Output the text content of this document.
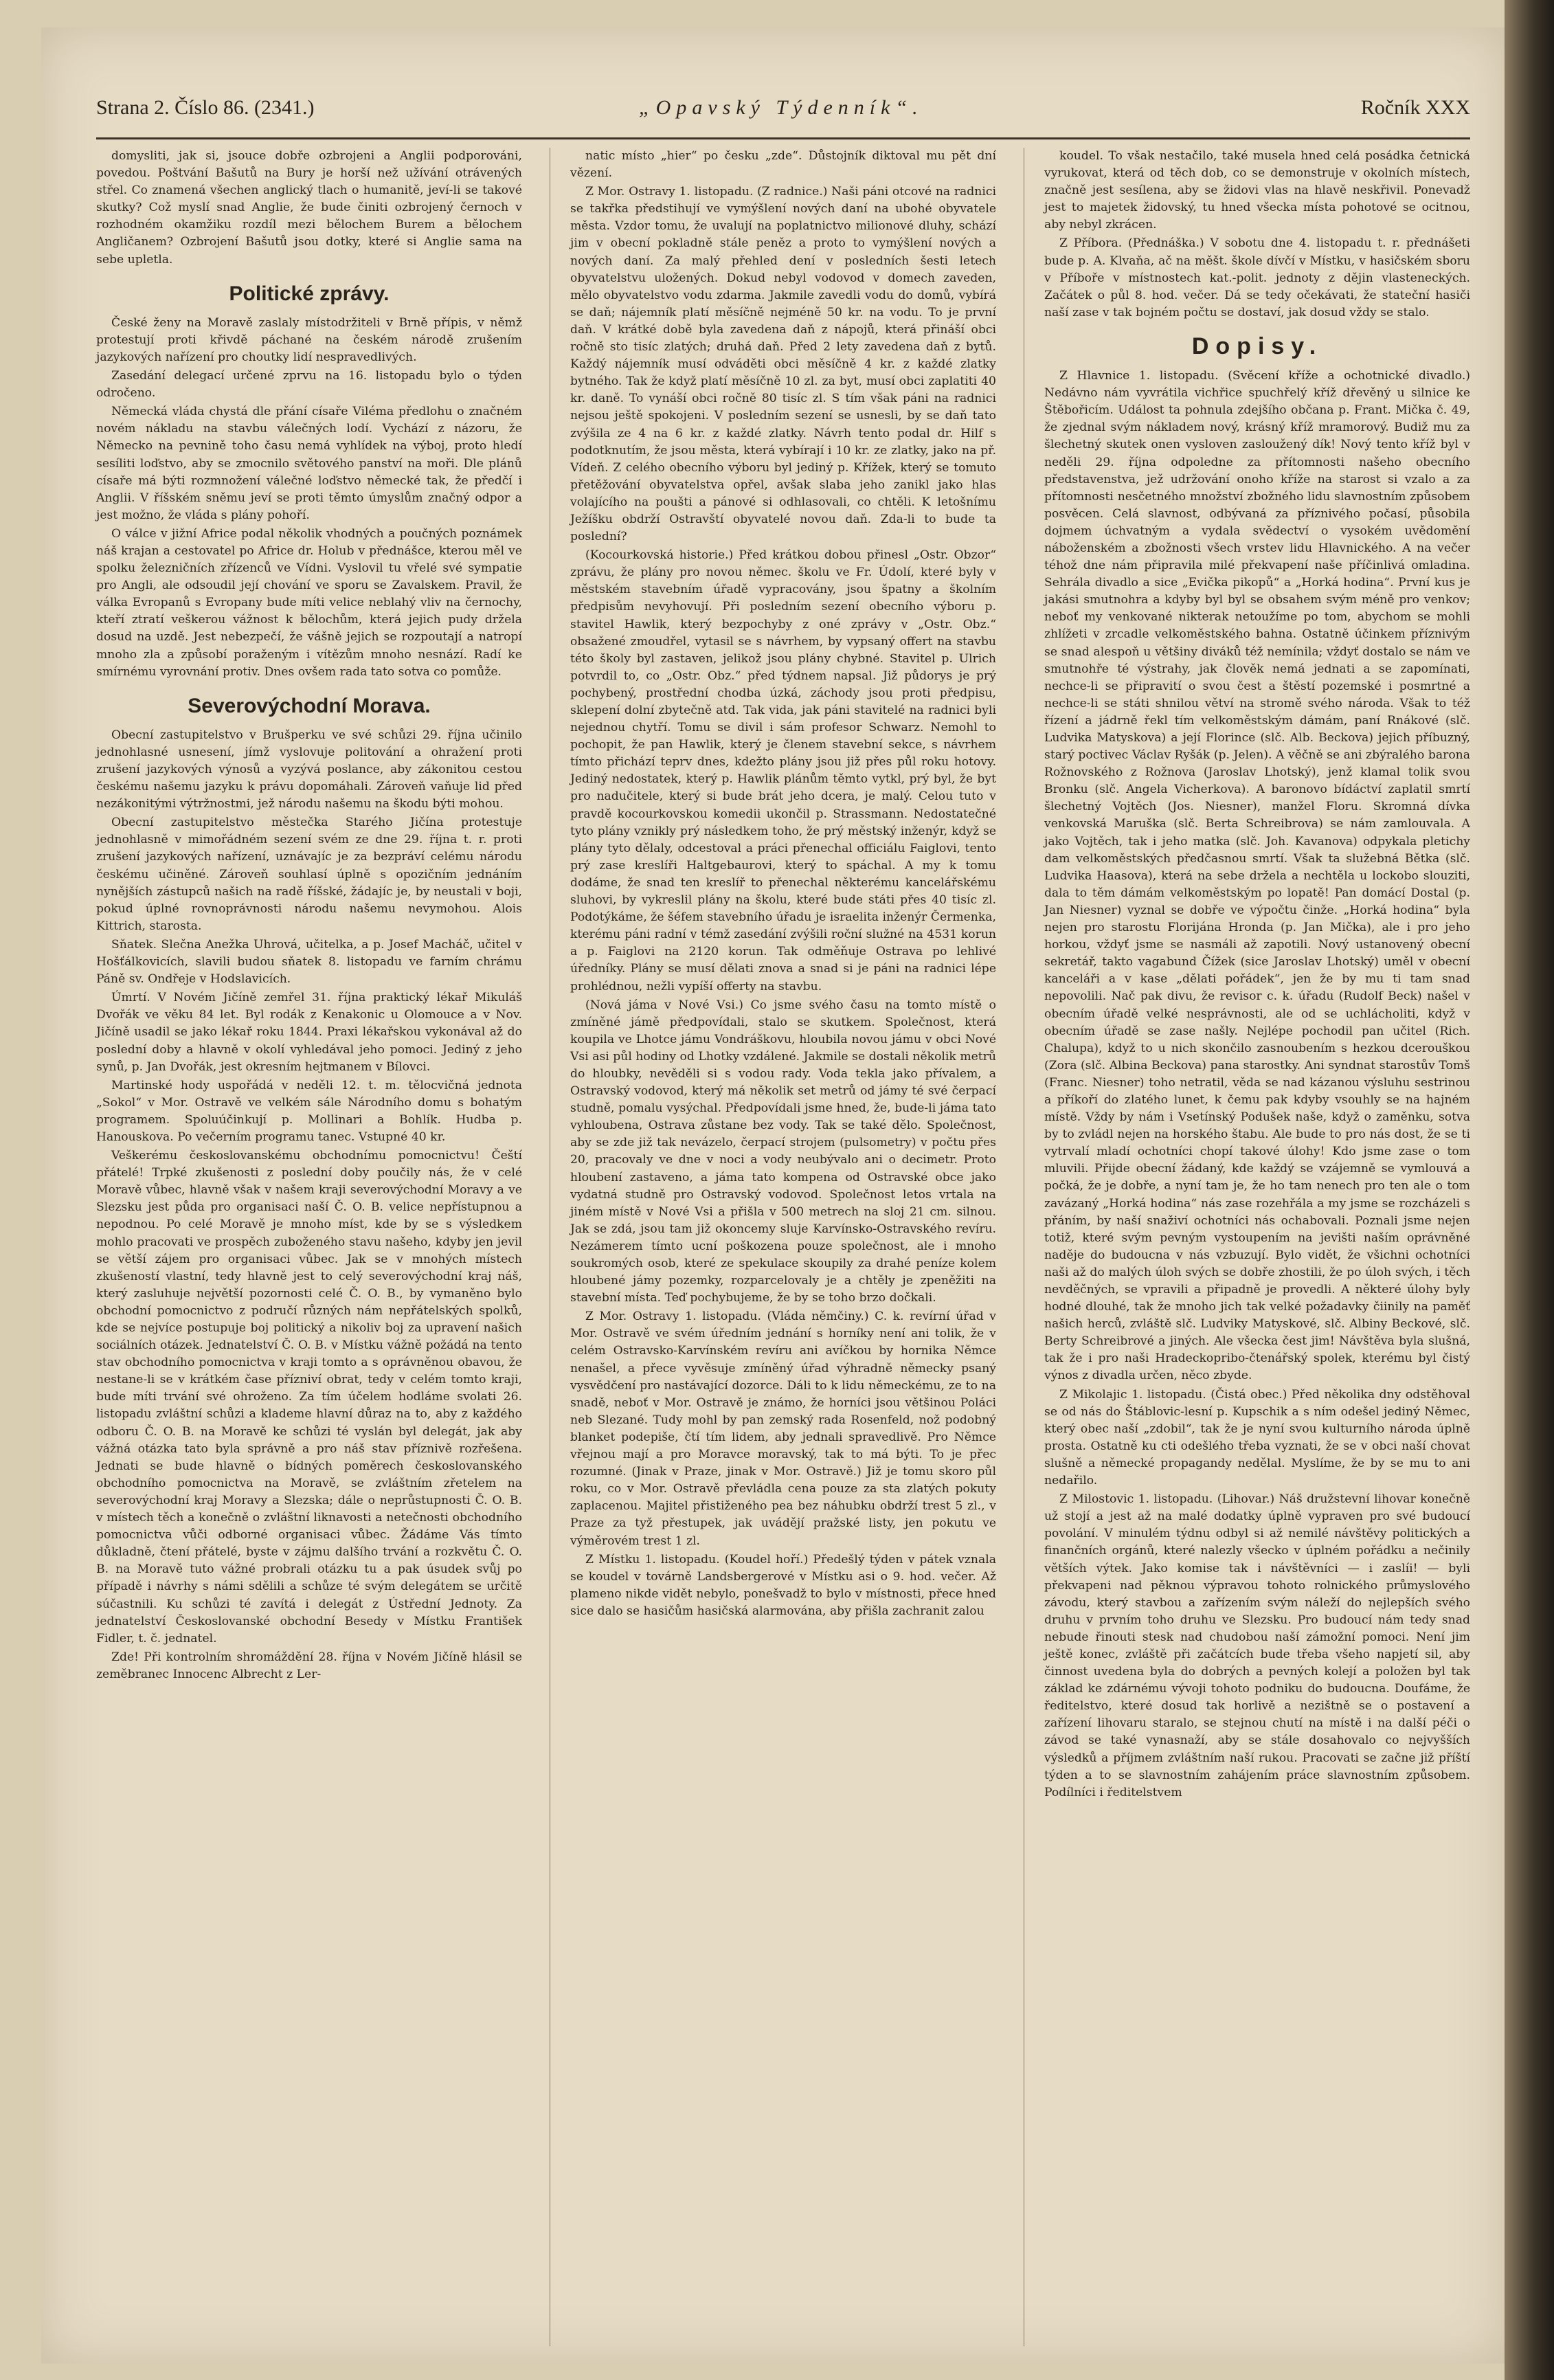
Strana 2. Číslo 86. (2341.)	„Opavský Týdenník“.	Ročník XXX

domysliti, jak si, jsouce dobře ozbrojeni a Anglii podporováni, povedou. Poštvání Bašutů na Bury je horší než užívání otrávených střel. Co znamená všechen anglický tlach o humanitě, jeví-li se takové skutky? Což myslí snad Anglie, že bude činiti ozbrojený černoch v rozhodném okamžiku rozdíl mezi bělochem Burem a bělochem Angličanem? Ozbrojení Bašutů jsou dotky, které si Anglie sama na sebe upletla.

Politické zprávy.

České ženy na Moravě zaslaly místodržiteli v Brně přípis, v němž protestují proti křivdě páchané na českém národě zrušením jazykových nařízení pro choutky lidí nespravedlivých.

Zasedání delegací určené zprvu na 16. listopadu bylo o týden odročeno.

Německá vláda chystá dle přání císaře Viléma předlohu o značném novém nákladu na stavbu válečných lodí. Vychází z názoru, že Německo na pevnině toho času nemá vyhlídek na výboj, proto hledí sesíliti loďstvo, aby se zmocnilo světového panství na moři. Dle plánů císaře má býti rozmnožení válečné loďstvo německé tak, že předčí i Anglii. V říšském sněmu jeví se proti těmto úmyslům značný odpor a jest možno, že vláda s plány pohoří.

O válce v jižní Africe podal několik vhodných a poučných poznámek náš krajan a cestovatel po Africe dr. Holub v přednášce, kterou měl ve spolku železničních zřízenců ve Vídni. Vyslovil tu vřelé své sympatie pro Angli, ale odsoudil její chování ve sporu se Zavalskem. Pravil, že válka Evropanů s Evropany bude míti velice neblahý vliv na černochy, kteří ztratí veškerou vážnost k bělochům, která jejich pudy držela dosud na uzdě. Jest nebezpečí, že vášně jejich se rozpoutají a natropí mnoho zla a způsobí poraženým i vítězům mnoho nesnází. Radí ke smírnému vyrovnání protiv. Dnes ovšem rada tato sotva co pomůže.

Severovýchodní Morava.

Obecní zastupitelstvo v Brušperku ve své schůzi 29. října učinilo jednohlasné usnesení, jímž vyslovuje politování a ohražení proti zrušení jazykových výnosů a vyzývá poslance, aby zákonitou cestou českému našemu jazyku k právu dopomáhali. Zároveň vaňuje lid před nezákonitými výtržnostmi, jež národu našemu na škodu býti mohou.

Obecní zastupitelstvo městečka Starého Jičína protestuje jednohlasně v mimořádném sezení svém ze dne 29. října t. r. proti zrušení jazykových nařízení, uznávajíc je za bezpráví celému národu českému učiněné. Zároveň souhlasí úplně s opozičním jednáním nynějších zástupců našich na radě říšské, žádajíc je, by neustali v boji, pokud úplné rovnoprávnosti národu našemu nevymohou. Alois Kittrich, starosta.

Sňatek. Slečna Anežka Uhrová, učitelka, a p. Josef Macháč, učitel v Hošťálkovicích, slavili budou sňatek 8. listopadu ve farním chrámu Páně sv. Ondřeje v Hodslavicích.

Úmrtí. V Novém Jičíně zemřel 31. října praktický lékař Mikuláš Dvořák ve věku 84 let. Byl rodák z Kenakonic u Olomouce a v Nov. Jičíně usadil se jako lékař roku 1844. Praxi lékařskou vykonával až do poslední doby a hlavně v okolí vyhledával jeho pomoci. Jediný z jeho synů, p. Jan Dvořák, jest okresním hejtmanem v Bílovci.

Martinské hody uspořádá v neděli 12. t. m. tělocvičná jednota „Sokol“ v Mor. Ostravě ve velkém sále Národního domu s bohatým programem. Spoluúčinkují p. Mollinari a Bohlík. Hudba p. Hanouskova. Po večerním programu tanec. Vstupné 40 kr.

Veškerému českoslovanskému obchodnímu pomocnictvu! Čeští přátelé! Trpké zkušenosti z poslední doby poučily nás, že v celé Moravě vůbec, hlavně však v našem kraji severovýchodní Moravy a ve Slezsku jest půda pro organisaci naší Č. O. B. velice nepřístupnou a nepodnou. Po celé Moravě je mnoho míst, kde by se s výsledkem mohlo pracovati ve prospěch zuboženého stavu našeho, kdyby jen jevil se větší zájem pro organisaci vůbec. Jak se v mnohých místech zkušeností vlastní, tedy hlavně jest to celý severovýchodní kraj náš, který zasluhuje největší pozornosti celé Č. O. B., by vymaněno bylo obchodní pomocnictvo z područí různých nám nepřátelských spolků, kde se nejvíce postupuje boj politický a nikoliv boj za upravení našich sociálních otázek. Jednatelství Č. O. B. v Místku vážně požádá na tento stav obchodního pomocnictva v kraji tomto a s oprávněnou obavou, že nestane-li se v krátkém čase přízniví obrat, tedy v celém tomto kraji, bude míti trvání své ohroženo. Za tím účelem hodláme svolati 26. listopadu zvláštní schůzi a klademe hlavní důraz na to, aby z každého odboru Č. O. B. na Moravě ke schůzi té vyslán byl delegát, jak aby vážná otázka tato byla správně a pro náš stav příznivě rozřešena. Jednati se bude hlavně o bídných poměrech českoslovanského obchodního pomocnictva na Moravě, se zvláštním zřetelem na severovýchodní kraj Moravy a Slezska; dále o neprůstupnosti Č. O. B. v místech těch a konečně o zvláštní liknavosti a netečnosti obchodního pomocnictva vůči odborné organisaci vůbec. Žádáme Vás tímto důkladně, čtení přátelé, byste v zájmu dalšího trvání a rozkvětu Č. O. B. na Moravě tuto vážné probrali otázku tu a pak úsudek svůj po případě i návrhy s námi sdělili a schůze té svým delegátem se určitě súčastnili. Ku schůzi té zavítá i delegát z Ústřední Jednoty. Za jednatelství Českoslovanské obchodní Besedy v Místku František Fidler, t. č. jednatel.

Zde! Při kontrolním shromáždění 28. října v Novém Jičíně hlásil se zeměbranec Innocenc Albrecht z Ler-

natic místo „hier“ po česku „zde“. Důstojník diktoval mu pět dní vězení.

Z Mor. Ostravy 1. listopadu. (Z radnice.) Naši páni otcové na radnici se takřka předstihují ve vymýšlení nových daní na ubohé obyvatele města. Vzdor tomu, že uvalují na poplatnictvo milionové dluhy, schází jim v obecní pokladně stále peněz a proto to vymýšlení nových a nových daní. Za malý přehled dení v posledních šesti letech obyvatelstvu uložených. Dokud nebyl vodovod v domech zaveden, mělo obyvatelstvo vodu zdarma. Jakmile zavedli vodu do domů, vybírá se daň; nájemník platí měsíčně nejméně 50 kr. na vodu. To je první daň. V krátké době byla zavedena daň z nápojů, která přináší obci ročně sto tisíc zlatých; druhá daň. Před 2 lety zavedena daň z bytů. Každý nájemník musí odváděti obci měsíčně 4 kr. z každé zlatky bytného. Tak že když platí měsíčně 10 zl. za byt, musí obci zaplatiti 40 kr. daně. To vynáší obci ročně 80 tisíc zl. S tím však páni na radnici nejsou ještě spokojeni. V posledním sezení se usnesli, by se daň tato zvýšila ze 4 na 6 kr. z každé zlatky. Návrh tento podal dr. Hilf s podotknutím, že jsou města, která vybírají i 10 kr. ze zlatky, jako na př. Vídeň. Z celého obecního výboru byl jediný p. Křížek, který se tomuto přetěžování obyvatelstva opřel, avšak slaba jeho zanikl jako hlas volajícího na poušti a pánové si odhlasovali, co chtěli. K letošnímu Ježíšku obdrží Ostravští obyvatelé novou daň. Zda-li to bude ta poslední?

(Kocourkovská historie.) Před krátkou dobou přinesl „Ostr. Obzor“ zprávu, že plány pro novou němec. školu ve Fr. Údolí, které byly v městském stavebním úřadě vypracovány, jsou špatny a školním předpisům nevyhovují. Při posledním sezení obecního výboru p. stavitel Hawlik, který bezpochyby z oné zprávy v „Ostr. Obz.“ obsažené zmoudřel, vytasil se s návrhem, by vypsaný offert na stavbu této školy byl zastaven, jelikož jsou plány chybné. Stavitel p. Ulrich potvrdil to, co „Ostr. Obz.“ před týdnem napsal. Již půdorys je prý pochybený, prostřední chodba úzká, záchody jsou proti předpisu, sklepení dolní zbytečně atd. Tak vida, jak páni stavitelé na radnici byli nejednou chytří. Tomu se divil i sám profesor Schwarz. Nemohl to pochopit, že pan Hawlik, který je členem stavební sekce, s návrhem tímto přichází teprv dnes, kdežto plány jsou již přes půl roku hotovy. Jediný nedostatek, který p. Hawlik plánům těmto vytkl, prý byl, že byt pro nadučitele, který si bude brát jeho dcera, je malý. Celou tuto v pravdě kocourkovskou komedii ukončil p. Strassmann. Nedostatečné tyto plány vznikly prý následkem toho, že prý městský inženýr, když se plány tyto dělaly, odcestoval a práci přenechal officiálu Faiglovi, tento prý zase kreslíři Haltgebaurovi, který to spáchal. A my k tomu dodáme, že snad ten kreslíř to přenechal některému kancelářskému sluhovi, by vykreslil plány na školu, které bude státi přes 40 tisíc zl. Podotýkáme, že šéfem stavebního úřadu je israelita inženýr Čermenka, kterému páni radní v témž zasedání zvýšili roční služné na 4531 korun a p. Faiglovi na 2120 korun. Tak odměňuje Ostrava po lehlivé úředníky. Plány se musí dělati znova a snad si je páni na radnici lépe prohlédnou, nežli vypíší offerty na stavbu.

(Nová jáma v Nové Vsi.) Co jsme svého času na tomto místě o zmíněné jámě předpovídali, stalo se skutkem. Společnost, která koupila ve Lhotce jámu Vondráškovu, hloubila novou jámu v obci Nové Vsi asi půl hodiny od Lhotky vzdálené. Jakmile se dostali několik metrů do hloubky, nevěděli si s vodou rady. Voda tekla jako přívalem, a Ostravský vodovod, který má několik set metrů od jámy té své čerpací studně, pomalu vysýchal. Předpovídali jsme hned, že, bude-li jáma tato vyhloubena, Ostrava zůstane bez vody. Tak se také dělo. Společnost, aby se zde již tak nevázelo, čerpací strojem (pulsometry) v počtu přes 20, pracovaly ve dne v noci a vody neubývalo ani o decimetr. Proto hloubení zastaveno, a jáma tato kompena od Ostravské obce jako vydatná studně pro Ostravský vodovod. Společnost letos vrtala na jiném místě v Nové Vsi a přišla v 500 metrech na sloj 21 cm. silnou. Jak se zdá, jsou tam již okoncemy sluje Karvínsko-Ostravského revíru. Nezámerem tímto ucní poškozena pouze společnost, ale i mnoho soukromých osob, které ze spekulace skoupily za drahé peníze kolem hloubené jámy pozemky, rozparcelovaly je a chtěly je zpeněžiti na stavební místa. Teď pochybujeme, že by se toho brzo dočkali.

Z Mor. Ostravy 1. listopadu. (Vláda němčiny.) C. k. revírní úřad v Mor. Ostravě ve svém úředním jednání s horníky není ani tolik, že v celém Ostravsko-Karvínském revíru ani avíčkou by hornika Němce nenašel, a přece vyvěsuje zmíněný úřad výhradně německy psaný vysvědčení pro nastávající dozorce. Dáli to k lidu německému, ze to na snadě, neboť v Mor. Ostravě je známo, že horníci jsou většinou Poláci neb Slezané. Tudy mohl by pan zemský rada Rosenfeld, nož podobný blanket podepiše, čtí tím lidem, aby jednali spravedlivě. Pro Němce vřejnou mají a pro Moravce moravský, tak to má býti. To je přec rozumné. (Jinak v Praze, jinak v Mor. Ostravě.) Již je tomu skoro půl roku, co v Mor. Ostravě převládla cena pouze za sta zlatých pokuty zaplacenou. Majitel přistiženého pea bez náhubku obdrží trest 5 zl., v Praze za tyž přestupek, jak uvádějí pražské listy, jen pokutu ve výměrovém trest 1 zl.

Z Místku 1. listopadu. (Koudel hoří.) Předešlý týden v pátek vznala se koudel v továrně Landsbergerové v Místku asi o 9. hod. večer. Až plameno nikde vidět nebylo, ponešvadž to bylo v místnosti, přece hned sice dalo se hasičům hasičská alarmována, aby přišla zachranit zalou

koudel. To však nestačilo, také musela hned celá posádka četnická vyrukovat, která od těch dob, co se demonstruje v okolních místech, značně jest sesílena, aby se židovi vlas na hlavě neskřivil. Ponevadž jest to majetek židovský, tu hned všecka místa pohotové se ocitnou, aby nebyl zkrácen.

Z Příbora. (Přednáška.) V sobotu dne 4. listopadu t. r. přednášeti bude p. A. Klvaňa, ač na měšt. škole dívčí v Místku, v hasičském sboru v Příboře v místnostech kat.-polit. jednoty z dějin vlasteneckých. Začátek o půl 8. hod. večer. Dá se tedy očekávati, že stateční hasiči naší zase v tak bojném počtu se dostaví, jak dosud vždy se stalo.

Dopisy.

Z Hlavnice 1. listopadu. (Svěcení kříže a ochotnické divadlo.) Nedávno nám vyvrátila vichřice spuchřelý kříž dřevěný u silnice ke Štěbořicím. Událost ta pohnula zdejšího občana p. Frant. Mička č. 49, že zjednal svým nákladem nový, krásný kříž mramorový. Budiž mu za šlechetný skutek onen vysloven zasloužený dík! Nový tento kříž byl v neděli 29. října odpoledne za přítomnosti našeho obecního představenstva, jež udržování onoho kříže na starost si vzalo a za přítomnosti nesčetného množství zbožného lidu slavnostním způsobem posvěcen. Celá slavnost, odbývaná za příznivého počasí, působila dojmem úchvatným a vydala svědectví o vysokém uvědomění náboženském a zbožnosti všech vrstev lidu Hlavnického. A na večer téhož dne nám připravila milé překvapení naše příčinlivá omladina. Sehrála divadlo a sice „Evička pikopů“ a „Horká hodina“. První kus je jakási smutnohra a kdyby byl byl se obsahem svým méně pro venkov; neboť my venkované nikterak netoužíme po tom, abychom se mohli zhlížeti v zrcadle velkoměstského bahna. Ostatně účinkem příznivým se snad alespoň u většiny diváků též nemínila; vždyť dostalo se nám ve smutnohře té výstrahy, jak člověk nemá jednati a se zapomínati, nechce-li se připravití o svou čest a štěstí pozemské i posmrtné a nechce-li se státi shnilou větví na stromě svého národa. Však to též řízení a jádrně řekl tím velkoměstským dámám, paní Rnákové (slč. Ludvika Matyskova) a její Florince (slč. Alb. Beckova) jejich příbuzný, starý poctivec Václav Ryšák (p. Jelen). A věčně se ani zbýralého barona Rožnovského z Rožnova (Jaroslav Lhotský), jenž klamal tolik svou Bronku (slč. Angela Vicherkova). A baronovo bídáctví zaplatil smrtí šlechetný Vojtěch (Jos. Niesner), manžel Floru. Skromná dívka venkovská Maruška (slč. Berta Schreibrova) se nám zamlouvala. A jako Vojtěch, tak i jeho matka (slč. Joh. Kavanova) odpykala pletichy dam velkoměstských předčasnou smrtí. Však ta služebná Bětka (slč. Ludvika Haasova), která na sebe držela a nechtěla u lockobo slouziti, dala to těm dámám velkoměstským po lopatě! Pan domácí Dostal (p. Jan Niesner) vyznal se dobře ve výpočtu činže. „Horká hodina“ byla nejen pro starostu Florijána Hronda (p. Jan Mička), ale i pro jeho horkou, vždyť jsme se nasmáli až zapotili. Nový ustanovený obecní sekretář, takto vagabund Čížek (sice Jaroslav Lhotský) uměl v obecní kanceláři a v kase „dělati pořádek“, jen že by mu ti tam snad nepovolili. Nač pak divu, že revisor c. k. úřadu (Rudolf Beck) našel v obecním úřadě velké nesprávnosti, ale od se uchlácholiti, když v obecním úřadě se zase našly. Nejlépe pochodil pan učitel (Rich. Chalupa), když to u nich skončilo zasnoubením s hezkou dcerouškou (Zora (slč. Albina Beckova) pana starostky. Ani syndnat starostův Tomš (Franc. Niesner) toho netratil, věda se nad kázanou výsluhu sestrinou a příkoří do zlatého lunet, k čemu pak kdyby vsouhly se na hajném místě. Vždy by nám i Vsetínský Podušek naše, když o zaměnku, sotva by to zvládl nejen na horského štabu. Ale bude to pro nás dost, že se ti vytrvalí mladí ochotníci chopí takové úlohy! Kdo jsme zase o tom mluvili. Přijde obecní žádaný, kde každý se vzájemně se vymlouvá a počká, že je dobře, a nyní tam je, že ho tam nenech pro ten ale o tom zavázaný „Horká hodina“ nás zase rozehřála a my jsme se rozcházeli s přáním, by naší snaživí ochotníci nás ochabovali. Poznali jsme nejen totiž, které svým pevným vystoupením na jevišti naším oprávněné naděje do budoucna v nás vzbuzují. Bylo vidět, že všichni ochotníci naši až do malých úloh svých se dobře zhostili, že po úloh svých, i těch nevděčných, se vpravili a připadně je provedli. A některé úlohy byly hodné dlouhé, tak že mnoho jich tak velké požadavky čiinily na paměť našich herců, zvláště slč. Ludviky Matyskové, slč. Albiny Beckové, slč. Berty Schreibrové a jiných. Ale všecka čest jim! Návštěva byla slušná, tak že i pro naši Hradeckopribo-čtenářský spolek, kterému byl čistý výnos z divadla určen, něco zbyde.

Z Mikolajic 1. listopadu. (Čistá obec.) Před několika dny odstěhoval se od nás do Štáblovic-lesní p. Kupschik a s ním odešel jediný Němec, který obec naší „zdobil“, tak že je nyní svou kulturního národa úplně prosta. Ostatně ku cti odešlého třeba vyznati, že se v obci naší chovat slušně a německé propagandy nedělal. Myslíme, že by se mu to ani nedařilo.

Z Milostovic 1. listopadu. (Lihovar.) Náš družstevní lihovar konečně už stojí a jest až na malé dodatky úplně vypraven pro své budoucí povolání. V minulém týdnu odbyl si až nemilé návštěvy politických a finančních orgánů, které nalezly všecko v úplném pořádku a nečinily větších výtek. Jako komise tak i návštěvníci — i zaslíi! — byli překvapeni nad pěknou výpravou tohoto rolnického průmyslového závodu, který stavbou a zařízením svým náleží do nejlepších svého druhu v prvním toho druhu ve Slezsku. Pro budoucí nám tedy snad nebude řinouti stesk nad chudobou naší zámožní pomoci. Není jim ještě konec, zvláště při začátcích bude třeba všeho napjetí sil, aby činnost uvedena byla do dobrých a pevných kolejí a položen byl tak základ ke zdárnému vývoji tohoto podniku do budoucna. Doufáme, že ředitelstvo, které dosud tak horlivě a nezištně se o postavení a zařízení lihovaru staralo, se stejnou chutí na místě i na další péči o závod se také vynasnaží, aby se stále dosahovalo co nejvyšších výsledků a příjmem zvláštním naší rukou. Pracovati se začne již příští týden a to se slavnostním zahájením práce slavnostním způsobem. Podílníci i ředitelstvem
